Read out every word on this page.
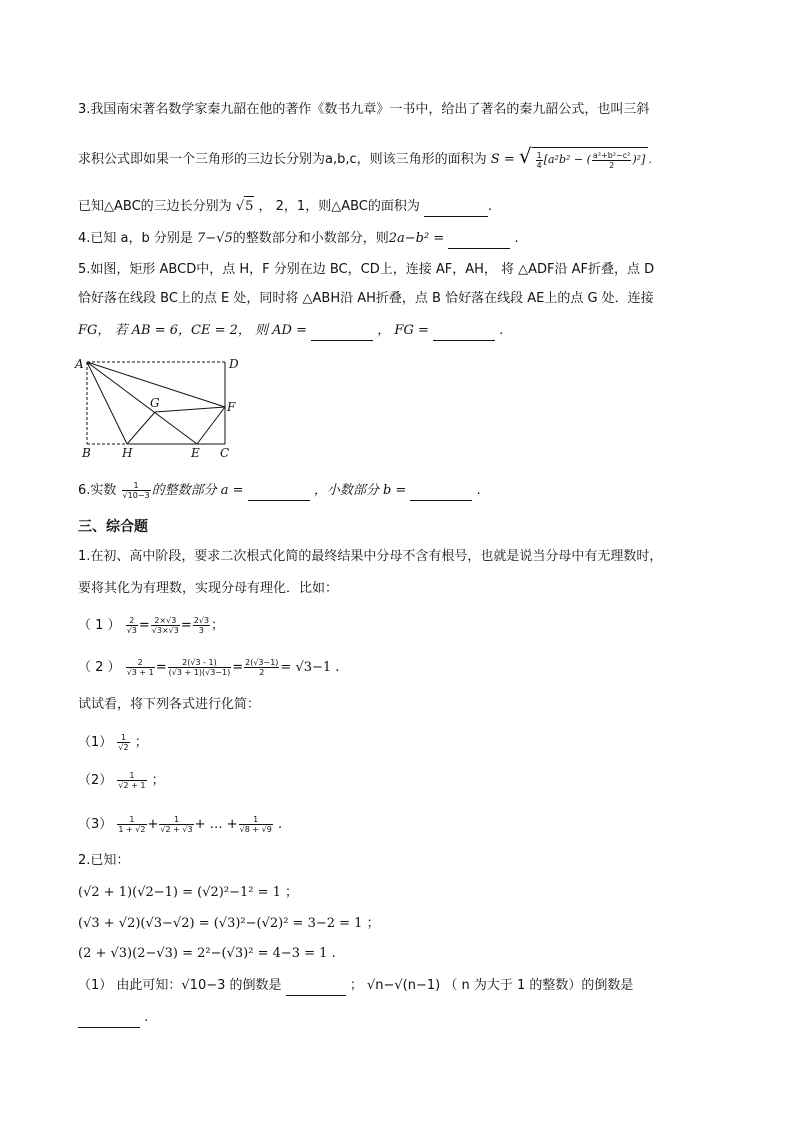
3.我国南宋著名数学家秦九韶在他的著作《数书九章》一书中，给出了著名的秦九韶公式，也叫三斜
求积公式即如果一个三角形的三边长分别为a,b,c，则该三角形的面积为 S = √ $\frac{1}{4} [a^2b^2$ − ( $\frac{\text{a²+b²−c²}}{2} )^2$] .
已知△ABC的三边长分别为 √5 ， 2，1，则△ABC的面积为	.
4.已知 a，b 分别是 7−√5的整数部分和小数部分，则2a−b² =	.
5.如图，矩形 ABCD中，点 H，F 分别在边 BC，CD上，连接 AF，AH， 将 △ADF沿 AF折叠，点 D
恰好落在线段 BC上的点 E 处，同时将 △ABH沿 AH折叠，点 B 恰好落在线段 AE上的点 G 处．连接
FG， 若 AB = 6，CE = 2， 则 AD =	， FG =	.
A	D
G	F
B	H	E C
6.实数 $\frac{1}{√10-3}$ 的整数部分 a =	，小数部分 b =	.
三、综合题
1.在初、高中阶段，要求二次根式化简的最终结果中分母不含有根号，也就是说当分母中有无理数时，
要将其化为有理数，实现分母有理化．比如：
（ 1 ） $\frac{2}{√3} = \frac{2\times√3}{√3\times√3} = \frac{2√3}{3}$ ；
（ 2 ） $\frac{2}{√3 + 1} = \frac{2(√3 - 1)}{(√3 + 1)(√3-1)} = \frac{2(√3-1)}{2} = √3-1$ .
试试看，将下列各式进行化简：
$(1) \frac{1}{√2}$ ；
$(2) \frac{1}{√2 + 1}$ ；
$(3) \frac{1}{1 + √2} + \frac{1}{√2 + √3}$ + … + $\frac{1}{√8 + √9}$ .
2.已知：
(√2 + 1)(√2−1) = (√2)²−1² = 1 ；
(√3 + √2)(√3−√2) = (√3)²−(√2)² = 3−2 = 1 ；
(2 + √3)(2−√3) = 2²−(√3)² = 4−3 = 1 .
（1） 由此可知：√10−3 的倒数是	； √n−√(n−1) （ n 为大于 1 的整数）的倒数是
.
